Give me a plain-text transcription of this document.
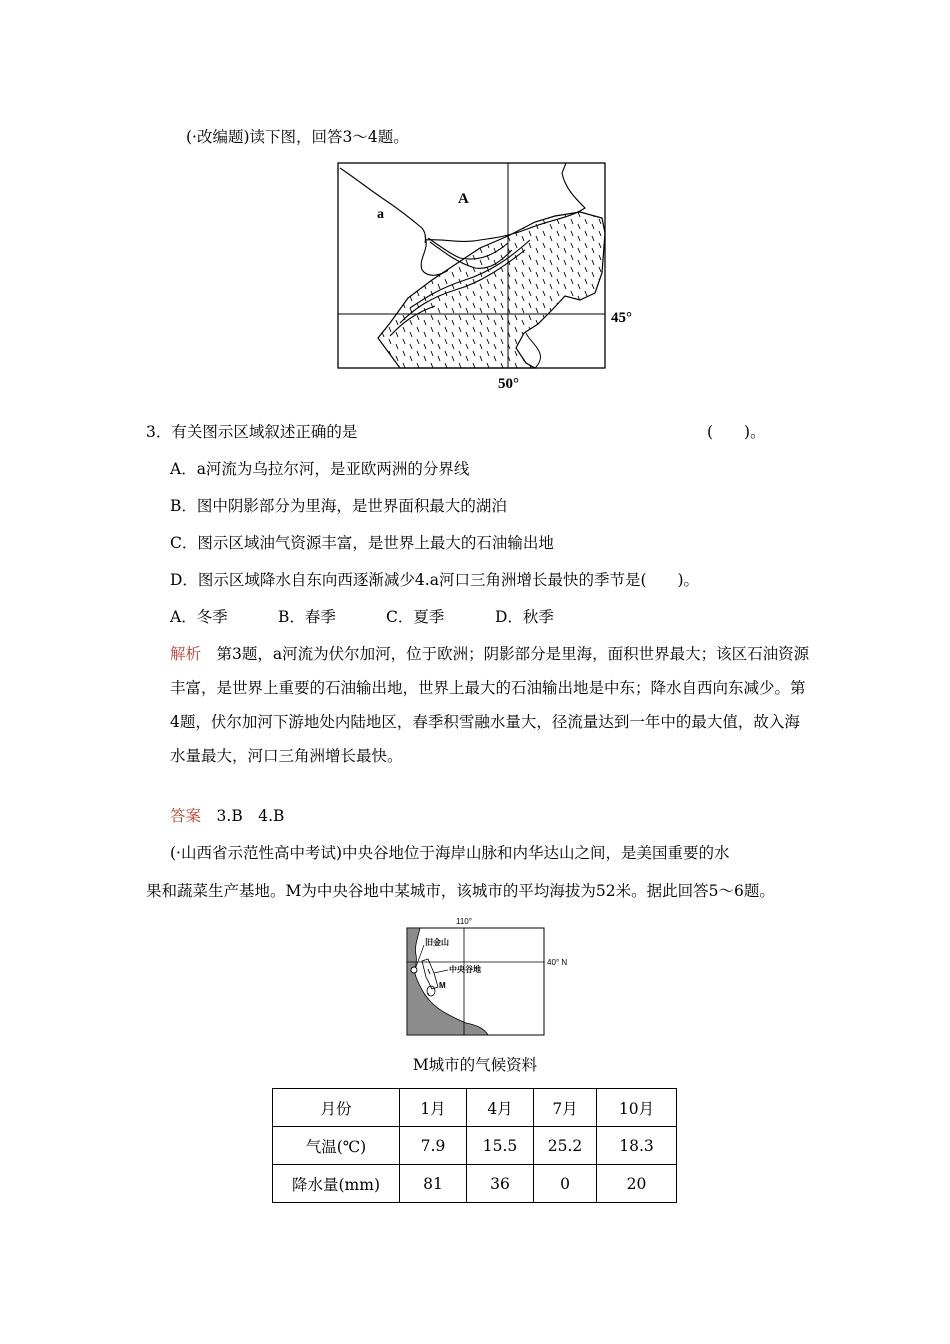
(·改编题)读下图，回答3～4题。
A
a
45°
50°
3．有关图示区域叙述正确的是	(　　)。
A．a河流为乌拉尔河，是亚欧两洲的分界线
B．图中阴影部分为里海，是世界面积最大的湖泊
C．图示区域油气资源丰富，是世界上最大的石油输出地
D．图示区域降水自东向西逐渐减少4.a河口三角洲增长最快的季节是(　　)。
A．冬季	B．春季	C．夏季	D．秋季
解析　 第3题，a河流为伏尔加河，位于欧洲；阴影部分是里海，面积世界最大；该区石油资源丰富，是世界上重要的石油输出地，世界上最大的石油输出地是中东；降水自西向东减少。第4题，伏尔加河下游地处内陆地区，春季积雪融水量大，径流量达到一年中的最大值，故入海水量最大，河口三角洲增长最快。
答案　 3.B　4.B
(·山西省示范性高中考试)中央谷地位于海岸山脉和内华达山之间，是美国重要的水
果和蔬菜生产基地。M为中央谷地中某城市，该城市的平均海拔为52米。据此回答5～6题。
110°
40° N
旧金山
中央谷地
M
M城市的气候资料
月份	1月	4月	7月	10月
气温(℃)	7.9	15.5	25.2	18.3
降水量(mm)	81	36	0	20
